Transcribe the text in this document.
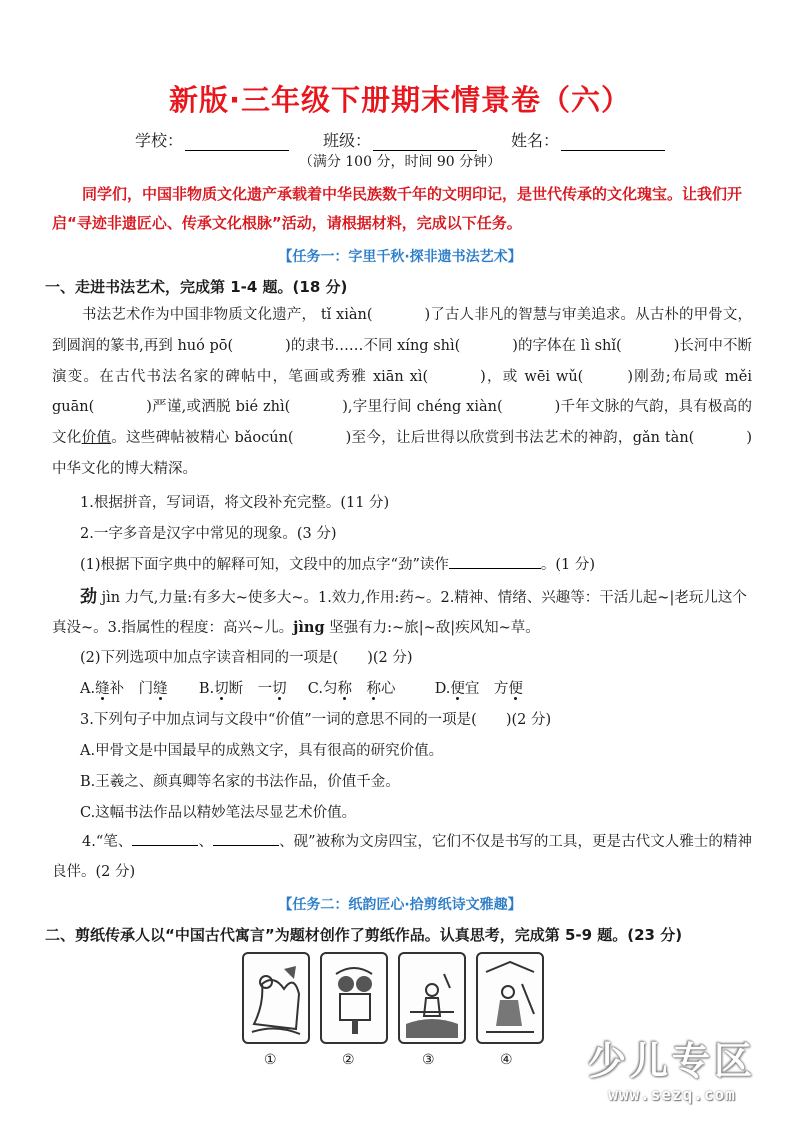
新版·三年级下册期末情景卷（六）
学校：	班级：	姓名：
（满分 100 分，时间 90 分钟）
同学们，中国非物质文化遗产承载着中华民族数千年的文明印记，是世代传承的文化瑰宝。让我们开启“寻迹非遗匠心、传承文化根脉”活动，请根据材料，完成以下任务。
【任务一：字里千秋·探非遗书法艺术】
一、走进书法艺术，完成第 1-4 题。(18 分)
书法艺术作为中国非物质文化遗产， tǐ xiàn(	)了古人非凡的智慧与审美追求。从古朴的甲骨文，到圆润的篆书,再到 huó pō(	)的隶书……不同 xíng shì(	)的字体在 lì shǐ(	)长河中不断演变。在古代书法名家的碑帖中，笔画或秀雅 xiān xì(	)，或 wēi wǔ(	)刚劲;布局或 měi guān(	)严谨,或洒脱 bié zhì(	),字里行间 chéng xiàn(	)千年文脉的气韵，具有极高的文化价值。这些碑帖被精心 bǎocún(	)至今，让后世得以欣赏到书法艺术的神韵，gǎn tàn(	)中华文化的博大精深。
1.根据拼音，写词语，将文段补充完整。(11 分)
2.一字多音是汉字中常见的现象。(3 分)
(1)根据下面字典中的解释可知，文段中的加点字“劲”读作	。(1 分)
劲 jìn 力气,力量:有多大~使多大~。1.效力,作用:药~。2.精神、情绪、兴趣等：干活儿起~|老玩儿这个真没~。3.指属性的程度：高兴~儿。jìng 坚强有力:~旅|~敌|疾风知~草。
(2)下列选项中加点字读音相同的一项是(　　)(2 分)
A.缝补　门缝 B.切断　一切 C.匀称　 称心	D.便宜　方便
3.下列句子中加点词与文段中“价值”一词的意思不同的一项是(　　)(2 分)
A.甲骨文是中国最早的成熟文字，具有很高的研究价值。
B.王羲之、颜真卿等名家的书法作品，价值千金。
C.这幅书法作品以精妙笔法尽显艺术价值。
4.“笔、	、	、砚”被称为文房四宝，它们不仅是书写的工具，更是古代文人雅士的精神良伴。(2 分)
【任务二：纸韵匠心·拾剪纸诗文雅趣】
二、剪纸传承人以“中国古代寓言”为题材创作了剪纸作品。认真思考，完成第 5-9 题。(23 分)
①	②	③	④ 少儿专区
www.sezq.com
